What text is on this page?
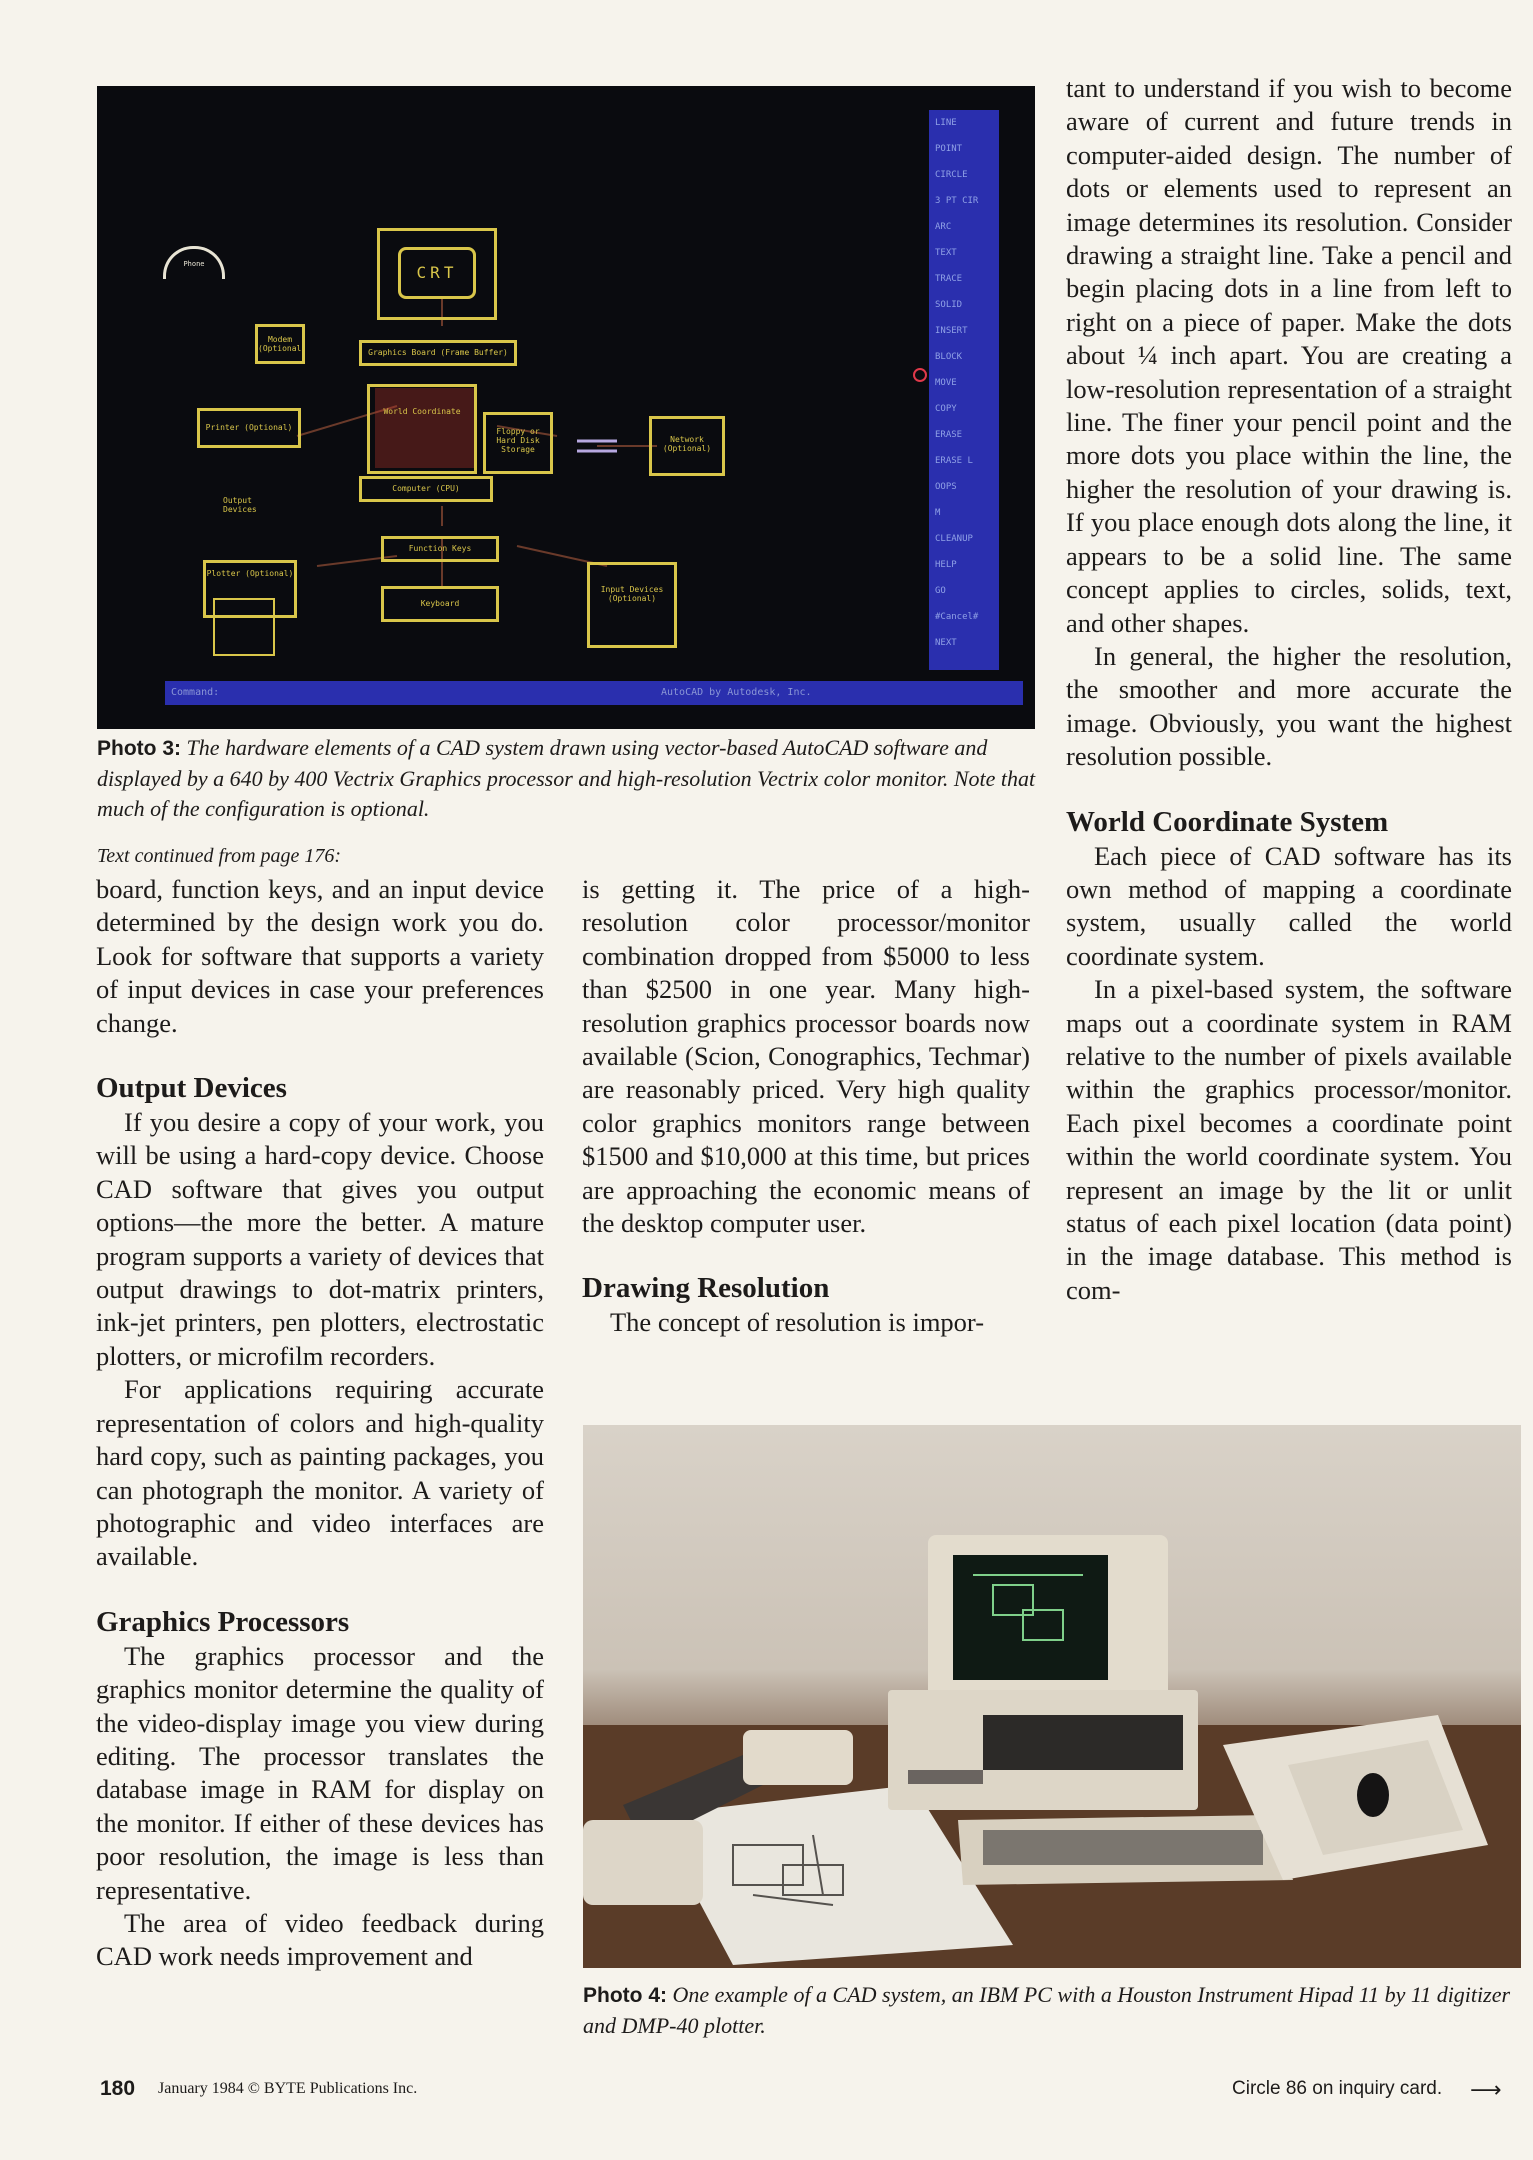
CRT
Modem (Optional)	Graphics Board (Frame Buffer)
Printer (Optional)
World Coordinate
Floppy or Hard Disk Storage
Network (Optional)
Computer (CPU)
Output Devices
Plotter (Optional)
Function Keys
Keyboard
Input Devices (Optional)
Phone
LINE
POINT
CIRCLE
3 PT CIR
ARC
TEXT
TRACE
SOLID
INSERT
BLOCK
MOVE
COPY
ERASE
ERASE L
OOPS
M
CLEANUP
HELP
GO
#Cancel#
NEXT
Command:	AutoCAD by Autodesk, Inc.
Photo 3: The hardware elements of a CAD system drawn using vector-based AutoCAD software and displayed by a 640 by 400 Vectrix Graphics processor and high-resolution Vectrix color monitor. Note that much of the configuration is optional.
Text continued from page 176:

board, function keys, and an input device determined by the design work you do. Look for software that supports a variety of input devices in case your preferences change.

Output Devices

If you desire a copy of your work, you will be using a hard-copy device. Choose CAD software that gives you output options—the more the better. A mature program supports a variety of devices that output drawings to dot-matrix printers, ink-jet printers, pen plotters, electrostatic plotters, or microfilm recorders.

For applications requiring accurate representation of colors and high-quality hard copy, such as painting packages, you can photograph the monitor. A variety of photographic and video interfaces are available.

Graphics Processors

The graphics processor and the graphics monitor determine the quality of the video-display image you view during editing. The processor translates the database image in RAM for display on the monitor. If either of these devices has poor resolution, the image is less than representative.

The area of video feedback during CAD work needs improvement and

is getting it. The price of a high-resolution color processor/monitor combination dropped from $5000 to less than $2500 in one year. Many high-resolution graphics processor boards now available (Scion, Conographics, Techmar) are reasonably priced. Very high quality color graphics monitors range between $1500 and $10,000 at this time, but prices are approaching the economic means of the desktop computer user.

Drawing Resolution

The concept of resolution is impor-

tant to understand if you wish to become aware of current and future trends in computer-aided design. The number of dots or elements used to represent an image determines its resolution. Consider drawing a straight line. Take a pencil and begin placing dots in a line from left to right on a piece of paper. Make the dots about ¼ inch apart. You are creating a low-resolution representation of a straight line. The finer your pencil point and the more dots you place within the line, the higher the resolution of your drawing is. If you place enough dots along the line, it appears to be a solid line. The same concept applies to circles, solids, text, and other shapes.

In general, the higher the resolution, the smoother and more accurate the image. Obviously, you want the highest resolution possible.

World Coordinate System

Each piece of CAD software has its own method of mapping a coordinate system, usually called the world coordinate system.

In a pixel-based system, the software maps out a coordinate system in RAM relative to the number of pixels available within the graphics processor/monitor. Each pixel becomes a coordinate point within the world coordinate system. You represent an image by the lit or unlit status of each pixel location (data point) in the image database. This method is com-

Photo 4: One example of a CAD system, an IBM PC with a Houston Instrument Hipad 11 by 11 digitizer and DMP-40 plotter.
180 January 1984 © BYTE Publications Inc.	Circle 86 on inquiry card. ⟶
